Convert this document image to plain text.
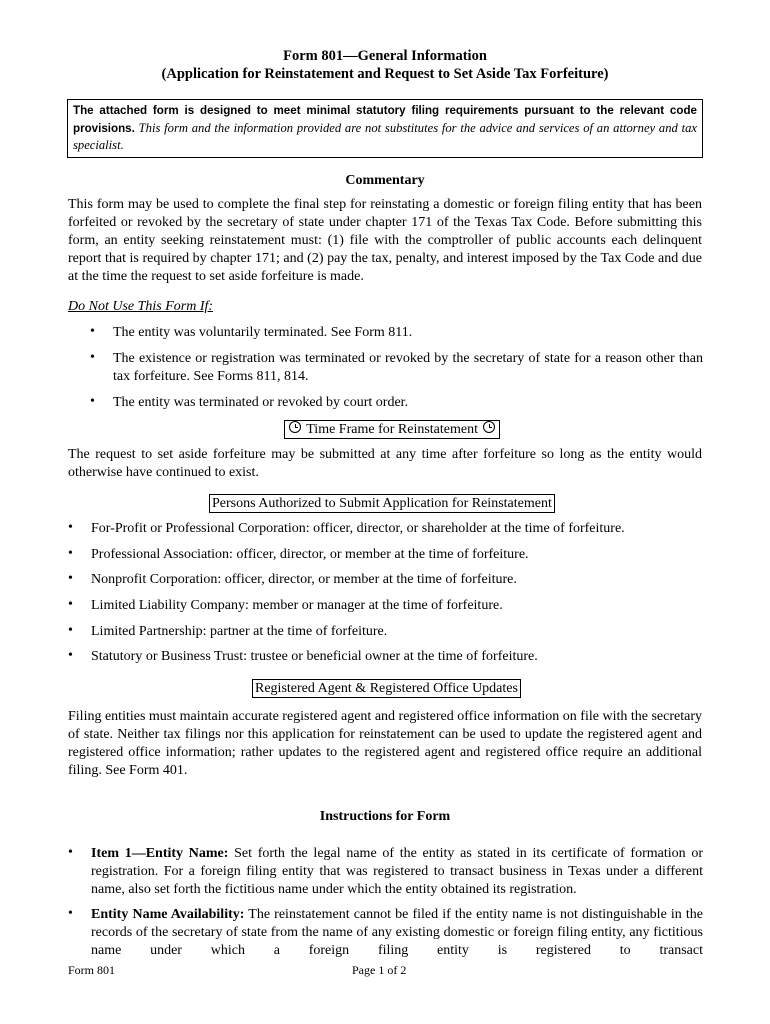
Form 801—General Information
(Application for Reinstatement and Request to Set Aside Tax Forfeiture)
The attached form is designed to meet minimal statutory filing requirements pursuant to the relevant code provisions. This form and the information provided are not substitutes for the advice and services of an attorney and tax specialist.
Commentary
This form may be used to complete the final step for reinstating a domestic or foreign filing entity that has been forfeited or revoked by the secretary of state under chapter 171 of the Texas Tax Code. Before submitting this form, an entity seeking reinstatement must: (1) file with the comptroller of public accounts each delinquent report that is required by chapter 171; and (2) pay the tax, penalty, and interest imposed by the Tax Code and due at the time the request to set aside forfeiture is made.
Do Not Use This Form If:
• The entity was voluntarily terminated. See Form 811.
• The existence or registration was terminated or revoked by the secretary of state for a reason other than tax forfeiture. See Forms 811, 814.
• The entity was terminated or revoked by court order.
Time Frame for Reinstatement
The request to set aside forfeiture may be submitted at any time after forfeiture so long as the entity would otherwise have continued to exist.
Persons Authorized to Submit Application for Reinstatement
• For-Profit or Professional Corporation: officer, director, or shareholder at the time of forfeiture.
• Professional Association: officer, director, or member at the time of forfeiture.
• Nonprofit Corporation: officer, director, or member at the time of forfeiture.
• Limited Liability Company: member or manager at the time of forfeiture.
• Limited Partnership: partner at the time of forfeiture.
• Statutory or Business Trust: trustee or beneficial owner at the time of forfeiture.
Registered Agent & Registered Office Updates
Filing entities must maintain accurate registered agent and registered office information on file with the secretary of state. Neither tax filings nor this application for reinstatement can be used to update the registered agent and registered office information; rather updates to the registered agent and registered office require an additional filing. See Form 401.
Instructions for Form
• Item 1—Entity Name: Set forth the legal name of the entity as stated in its certificate of formation or registration. For a foreign filing entity that was registered to transact business in Texas under a different name, also set forth the fictitious name under which the entity obtained its registration.
• Entity Name Availability: The reinstatement cannot be filed if the entity name is not distinguishable in the records of the secretary of state from the name of any existing domestic or foreign filing entity, any fictitious name under which a foreign filing entity is registered to transact
Form 801	Page 1 of 2
